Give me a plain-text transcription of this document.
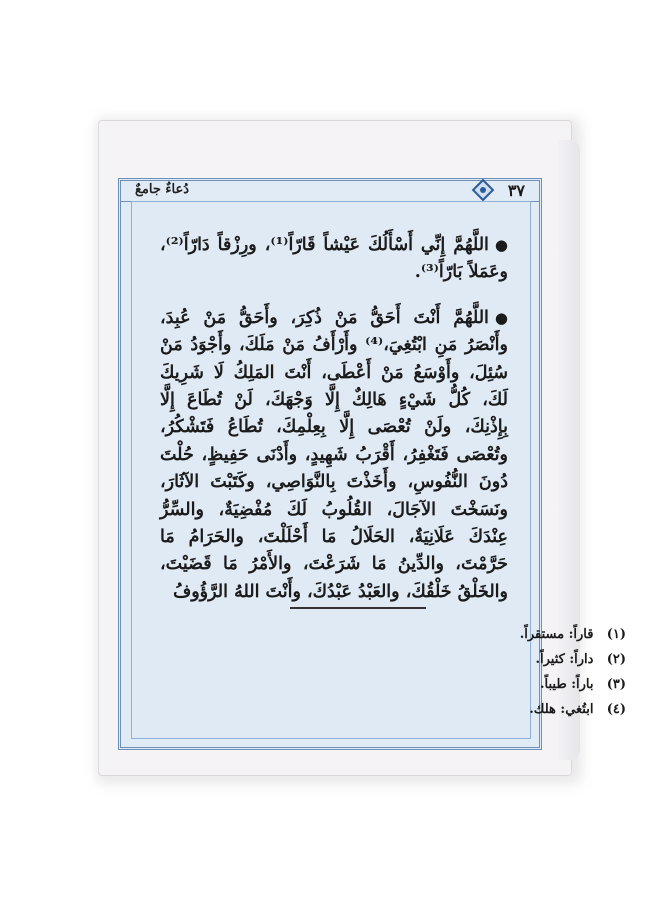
دُعاءٌ جامعٌ	٣٧

●اللَّهُمَّ إِنِّي أَسْأَلُكَ عَيْشاً قَارّاً⁽¹⁾، ورِزْقاً دَارّاً⁽²⁾، وعَمَلاً بَارّاً⁽³⁾.

●اللَّهُمَّ أَنْتَ أَحَقُّ مَنْ ذُكِرَ، وأَحَقُّ مَنْ عُبِدَ، وأَنْصَرُ مَنِ ابْتُغِيَ،⁽⁴⁾ وأَرْأَفُ مَنْ مَلَكَ، وأَجْوَدُ مَنْ سُئِلَ، وأَوْسَعُ مَنْ أَعْطَى، أَنْتَ المَلِكُ لَا شَرِيكَ لَكَ، كُلُّ شَيْءٍ هَالِكٌ إِلَّا وَجْهَكَ، لَنْ تُطَاعَ إِلَّا بِإِذْنِكَ، ولَنْ تُعْصَى إِلَّا بِعِلْمِكَ، تُطَاعُ فَتَشْكُرُ، وتُعْصَى فَتَغْفِرُ، أَقْرَبُ شَهِيدٍ، وأَدْنَى حَفِيظٍ، حُلْتَ دُونَ النُّفُوسِ، وأَخَذْتَ بِالنَّوَاصِي، وكَتَبْتَ الآثَارَ، ونَسَخْتَ الآجَالَ، القُلُوبُ لَكَ مُفْضِيَةٌ، والسِّرُّ عِنْدَكَ عَلَانِيَةٌ، الحَلَالُ مَا أَحْلَلْتَ، والحَرَامُ مَا حَرَّمْتَ، والدِّينُ مَا شَرَعْتَ، والأَمْرُ مَا قَضَيْتَ، والخَلْقُ خَلْقُكَ، والعَبْدُ عَبْدُكَ، وأَنْتَ اللهُ الرَّؤُوفُ

(١) قاراً: مستقراً.
(٢) داراً: كثيراً.
(٣) باراً: طيباً.
(٤) ابتُغي: هلك.
